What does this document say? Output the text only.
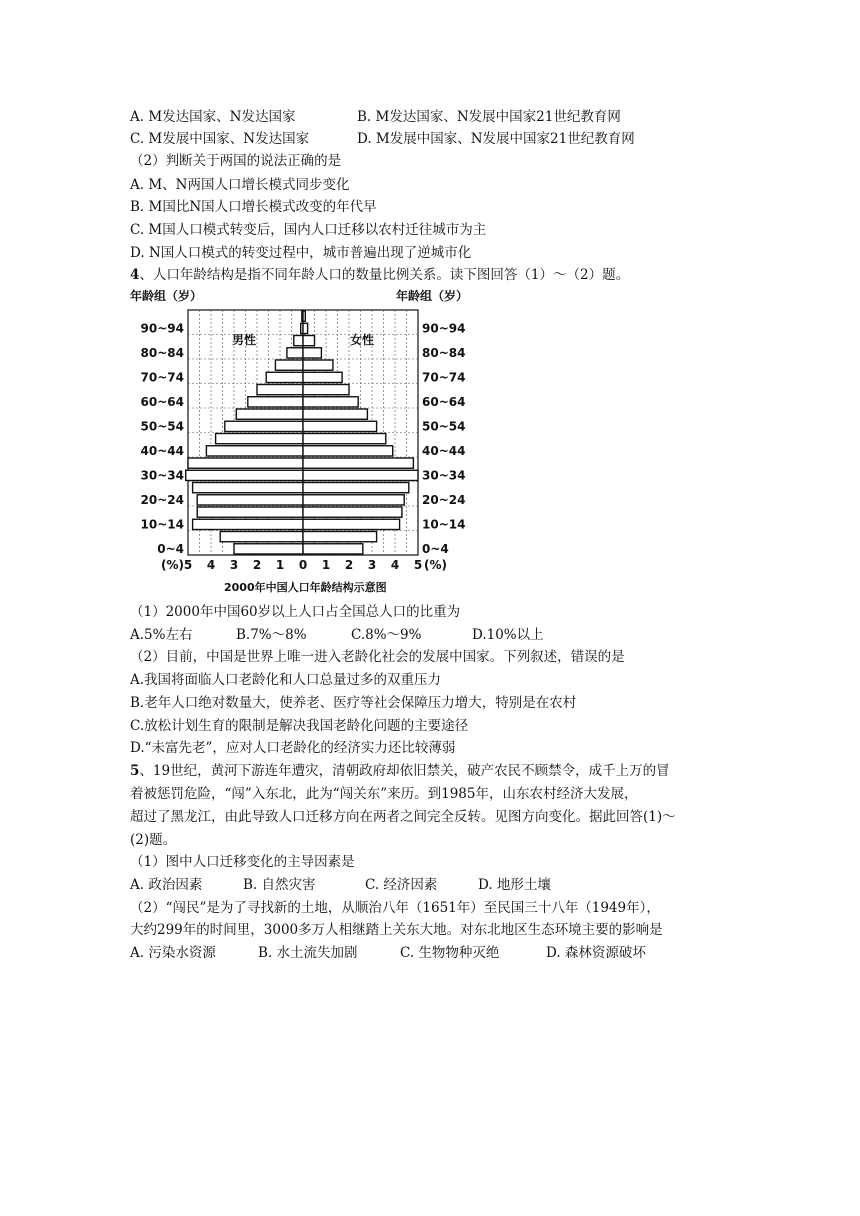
A. M发达国家、N发达国家	B. M发达国家、N发展中国家21世纪教育网
C. M发展中国家、N发达国家	D. M发展中国家、N发展中国家21世纪教育网
（2）判断关于两国的说法正确的是
A. M、N两国人口增长模式同步变化
B. M国比N国人口增长模式改变的年代早
C. M国人口模式转变后，国内人口迁移以农村迁往城市为主
D. N国人口模式的转变过程中，城市普遍出现了逆城市化
4、人口年龄结构是指不同年龄人口的数量比例关系。读下图回答（1）～（2）题。
年龄组（岁）	年龄组（岁）
0~4	0~4
10~14	10~14
20~24	20~24
30~34	30~34
40~44	40~44
50~54	50~54
60~64	60~64
70~74	70~74
80~84	80~84
90~94	90~94
5 4 3 2 1 0 1 2 3 4 5
(%)	(%)
男性	女性
2000年中国人口年龄结构示意图
（1）2000年中国60岁以上人口占全国总人口的比重为
A.5%左右	B.7%～8%	C.8%～9%	D.10%以上
（2）目前，中国是世界上唯一进入老龄化社会的发展中国家。下列叙述，错误的是
A.我国将面临人口老龄化和人口总量过多的双重压力
B.老年人口绝对数量大，使养老、医疗等社会保障压力增大，特别是在农村
C.放松计划生育的限制是解决我国老龄化问题的主要途径
D.“未富先老”，应对人口老龄化的经济实力还比较薄弱
5、19世纪，黄河下游连年遭灾，清朝政府却依旧禁关，破产农民不顾禁令，成千上万的冒
着被惩罚危险，“闯”入东北，此为“闯关东”来历。到1985年，山东农村经济大发展，
超过了黑龙江，由此导致人口迁移方向在两者之间完全反转。见图方向变化。据此回答(1)～
(2)题。
（1）图中人口迁移变化的主导因素是
A. 政治因素	B. 自然灾害	C. 经济因素	D. 地形土壤
（2）“闯民”是为了寻找新的土地，从顺治八年（1651年）至民国三十八年（1949年），
大约299年的时间里，3000多万人相继踏上关东大地。对东北地区生态环境主要的影响是
A. 污染水资源	B. 水土流失加剧	C. 生物物种灭绝	D. 森林资源破坏
